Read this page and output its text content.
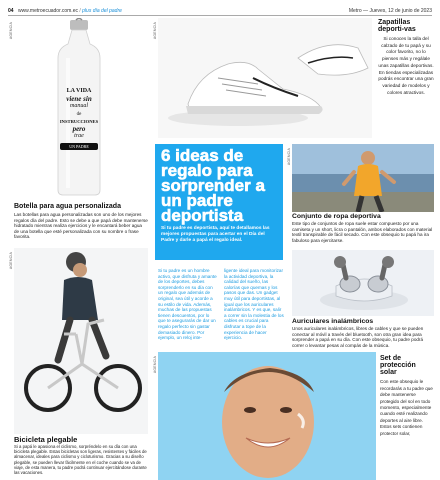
04 www.metroecuador.com.ec / plus día del padre	Metro — Jueves, 12 de junio de 2023
AGENCIA
LA VIDA
viene sin
manual
de
INSTRUCCIONES
pero
trae
UN PADRE
Botella para agua personalizada

Las botellas para agua personalizadas son uno de los mejores regalos día del padre. Esto se debe a que papá debe mantenerse hidratado mientras realiza ejercicios y le encantará beber agua de una botella que esté personalizada con su nombre o frase favorita.

AGENCIA	Zapatillas deporti-vas

Si conoces la talla del calzado de tu papá y su color favorito, no lo pienses más y regálale unas zapatillas deportivas. En tiendas especializadas podrás encontrar una gran variedad de modelos y colores atractivos.

6 ideas de regalo para sorprender a un padre deportista
Si tu padre es deportista, aquí te detallamos las mejores propuestas para acertar en el Día del Padre y darle a papá el regalo ideal.

Si tu padre es un hombre activo, que disfruta y amante de los deportes, debes sorprenderlo en su día con un regalo que además de original, sea útil y acorde a su estilo de vida. Además, muchas de las propuestas tienen descuentos, por lo que te asegurarás de dar un regalo perfecto sin gastar demasiado dinero. Por ejemplo, un reloj inte-

ligente ideal para monitorizar la actividad deportiva, la calidad del sueño, las calorías que quemas y los pasos que das. Un gadget muy útil para deportistas, al igual que los auriculares inalámbricos. Y es que, salir a correr sin la molestia de los cables es crucial para disfrutar a tope de la experiencia de hacer ejercicio.

AGENCIA
Conjunto de ropa deportiva

Este tipo de conjuntos de ropa suele estar compuesto por una camiseta y un short, licra o pantalón, ambos elaborados con material textil transpirable de fácil secado. Con este obsequio tu papá ha ira fabuloso para ejercitarse.

Auriculares inalámbricos

Unos auriculares inalámbricos, libres de cables y que se pueden conectar al móvil a través del bluetooth, son otra gran idea para sorprender a papá en su día. Con este obsequio, tu padre podrá correr o levantar pesas al compás de la música.

AGENCIA
Bicicleta plegable

Si a papá le apasiona el ciclismo, sorpréndelo en su día con una bicicleta plegable. Estas bicicletas son ligeras, resistentes y fáciles de almacenar, ideales para ciclismo y cicloturismo. Gracias a su diseño plegable, se pueden llevar fácilmente en el coche cuando se va de viaje, de esta manera, tu padre podrá continuar ejercitándose durante las vacaciones.

AGENCIA	Set de protección solar

Con este obsequio le recordarás a tu padre que debe mantenerse protegido del sol en todo momento, especialmente cuando esté realizando deportes al aire libre. Estos sets contienen protector solar,
